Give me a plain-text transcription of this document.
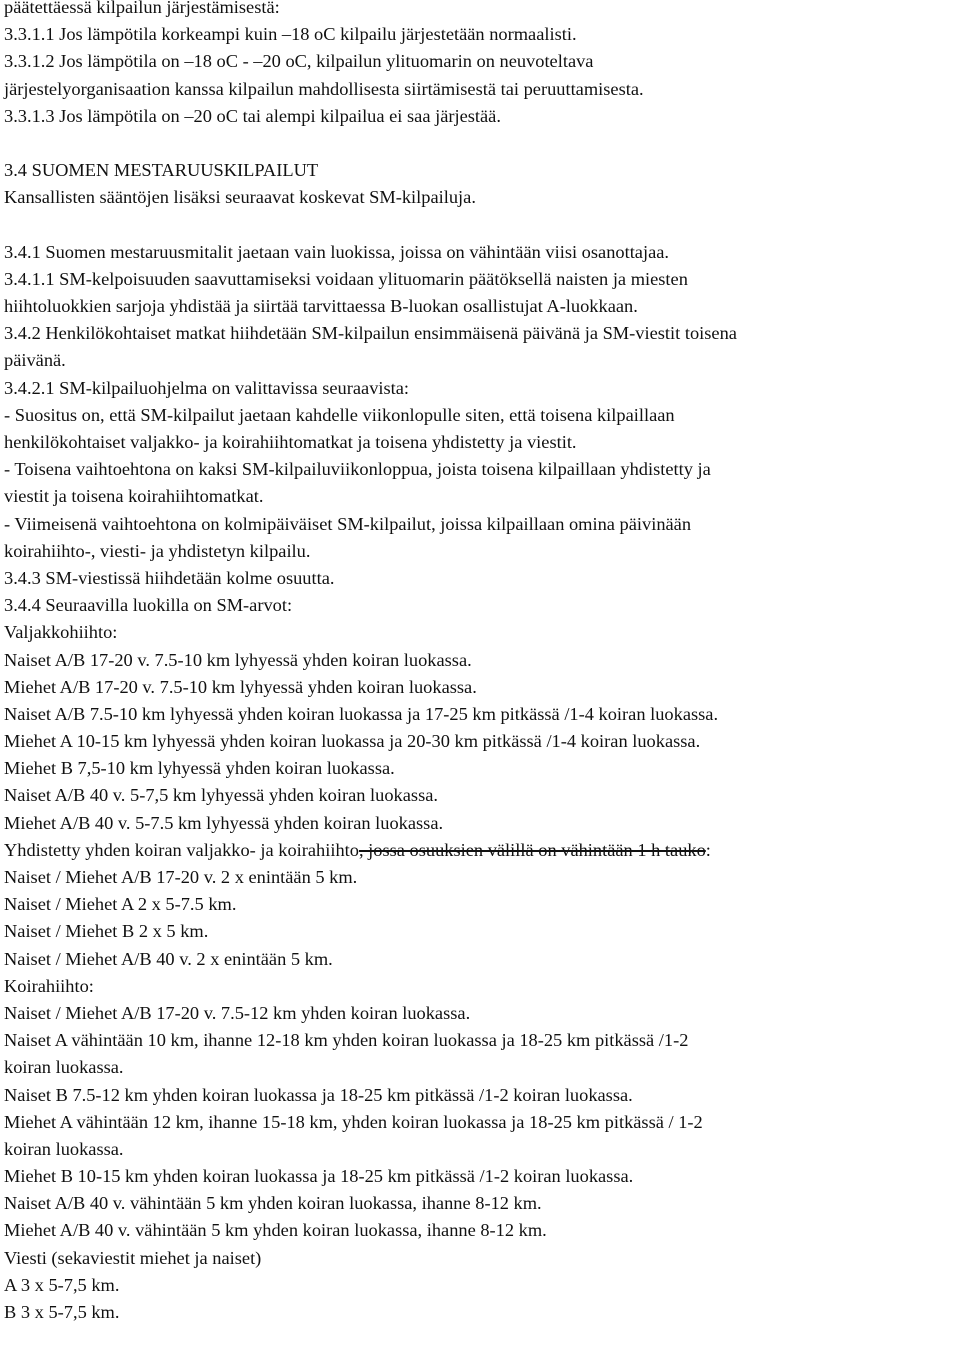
päätettäessä kilpailun järjestämisestä:
3.3.1.1 Jos lämpötila korkeampi kuin –18 oC kilpailu järjestetään normaalisti.
3.3.1.2 Jos lämpötila on –18 oC - –20 oC, kilpailun ylituomarin on neuvoteltava
järjestelyorganisaation kanssa kilpailun mahdollisesta siirtämisestä tai peruuttamisesta.
3.3.1.3 Jos lämpötila on –20 oC tai alempi kilpailua ei saa järjestää.
3.4 SUOMEN MESTARUUSKILPAILUT
Kansallisten sääntöjen lisäksi seuraavat koskevat SM-kilpailuja.
3.4.1 Suomen mestaruusmitalit jaetaan vain luokissa, joissa on vähintään viisi osanottajaa.
3.4.1.1 SM-kelpoisuuden saavuttamiseksi voidaan ylituomarin päätöksellä naisten ja miesten
hiihtoluokkien sarjoja yhdistää ja siirtää tarvittaessa B-luokan osallistujat A-luokkaan.
3.4.2 Henkilökohtaiset matkat hiihdetään SM-kilpailun ensimmäisenä päivänä ja SM-viestit toisena
päivänä.
3.4.2.1 SM-kilpailuohjelma on valittavissa seuraavista:
- Suositus on, että SM-kilpailut jaetaan kahdelle viikonlopulle siten, että toisena kilpaillaan
henkilökohtaiset valjakko- ja koirahiihtomatkat ja toisena yhdistetty ja viestit.
- Toisena vaihtoehtona on kaksi SM-kilpailuviikonloppua, joista toisena kilpaillaan yhdistetty ja
viestit ja toisena koirahiihtomatkat.
- Viimeisenä vaihtoehtona on kolmipäiväiset SM-kilpailut, joissa kilpaillaan omina päivinään
koirahiihto-, viesti- ja yhdistetyn kilpailu.
3.4.3 SM-viestissä hiihdetään kolme osuutta.
3.4.4 Seuraavilla luokilla on SM-arvot:
Valjakkohiihto:
Naiset A/B 17-20 v. 7.5-10 km lyhyessä yhden koiran luokassa.
Miehet A/B 17-20 v. 7.5-10 km lyhyessä yhden koiran luokassa.
Naiset A/B 7.5-10 km lyhyessä yhden koiran luokassa ja 17-25 km pitkässä /1-4 koiran luokassa.
Miehet A 10-15 km lyhyessä yhden koiran luokassa ja 20-30 km pitkässä /1-4 koiran luokassa.
Miehet B 7,5-10 km lyhyessä yhden koiran luokassa.
Naiset A/B 40 v. 5-7,5 km lyhyessä yhden koiran luokassa.
Miehet A/B 40 v. 5-7.5 km lyhyessä yhden koiran luokassa.
Yhdistetty yhden koiran valjakko- ja koirahiihto, jossa osuuksien välillä on vähintään 1 h tauko:
Naiset / Miehet A/B 17-20 v. 2 x enintään 5 km.
Naiset / Miehet A 2 x 5-7.5 km.
Naiset / Miehet B 2 x 5 km.
Naiset / Miehet A/B 40 v. 2 x enintään 5 km.
Koirahiihto:
Naiset / Miehet A/B 17-20 v. 7.5-12 km yhden koiran luokassa.
Naiset A vähintään 10 km, ihanne 12-18 km yhden koiran luokassa ja 18-25 km pitkässä /1-2
koiran luokassa.
Naiset B 7.5-12 km yhden koiran luokassa ja 18-25 km pitkässä /1-2 koiran luokassa.
Miehet A vähintään 12 km, ihanne 15-18 km, yhden koiran luokassa ja 18-25 km pitkässä / 1-2
koiran luokassa.
Miehet B 10-15 km yhden koiran luokassa ja 18-25 km pitkässä /1-2 koiran luokassa.
Naiset A/B 40 v. vähintään 5 km yhden koiran luokassa, ihanne 8-12 km.
Miehet A/B 40 v. vähintään 5 km yhden koiran luokassa, ihanne 8-12 km.
Viesti (sekaviestit miehet ja naiset)
A 3 x 5-7,5 km.
B 3 x 5-7,5 km.
